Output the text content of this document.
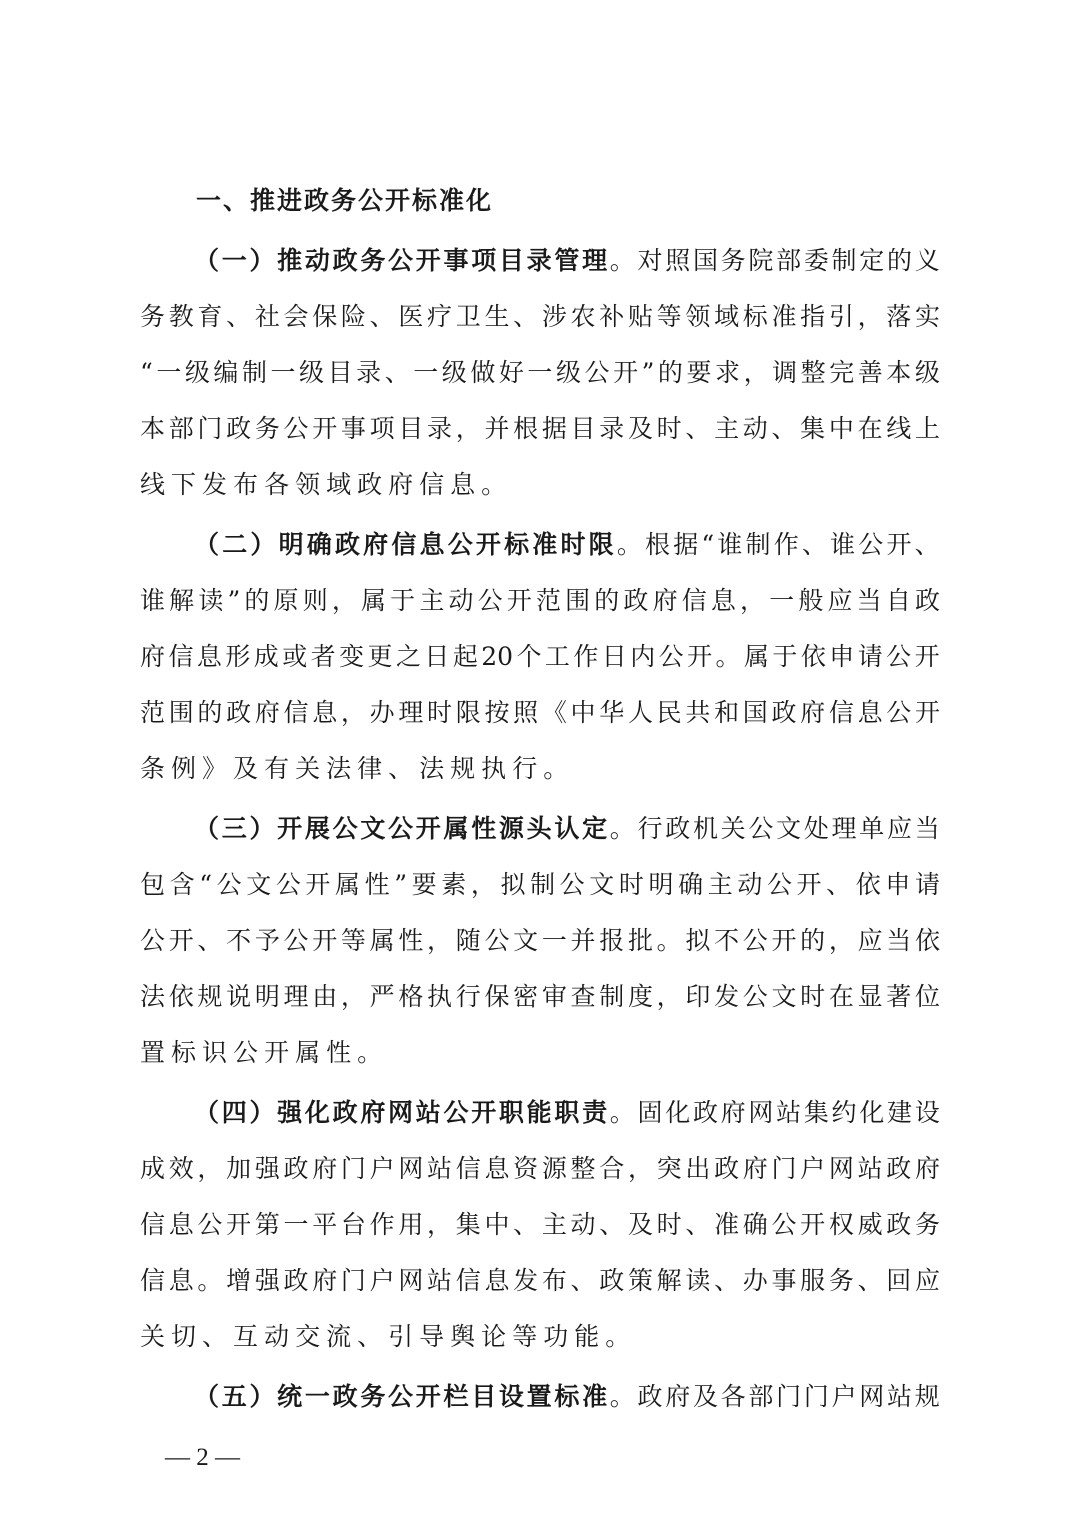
一、推进政务公开标准化
（ 一 ） 推 动 政 务 公 开 事 项 目 录 管 理 。 对 照 国 务 院 部 委 制 定 的 义
务 教 育 、 社 会 保 险 、 医 疗 卫 生 、 涉 农 补 贴 等 领 域 标 准 指 引 ， 落 实
“ 一 级 编 制 一 级 目 录 、 一 级 做 好 一 级 公 开 ” 的 要 求 ， 调 整 完 善 本 级
本 部 门 政 务 公 开 事 项 目 录 ， 并 根 据 目 录 及 时 、 主 动 、 集 中 在 线 上
线 下 发 布 各 领 域 政 府 信 息 。
（ 二 ） 明 确 政 府 信 息 公 开 标 准 时 限 。 根 据 “ 谁 制 作 、 谁 公 开 、
谁 解 读 ” 的 原 则 ， 属 于 主 动 公 开 范 围 的 政 府 信 息 ， 一 般 应 当 自 政
府 信 息 形 成 或 者 变 更 之 日 起 20 个 工 作 日 内 公 开 。 属 于 依 申 请 公 开
范 围 的 政 府 信 息 ， 办 理 时 限 按 照 《 中 华 人 民 共 和 国 政 府 信 息 公 开
条 例 》 及 有 关 法 律 、 法 规 执 行 。
（ 三 ） 开 展 公 文 公 开 属 性 源 头 认 定 。 行 政 机 关 公 文 处 理 单 应 当
包 含 “ 公 文 公 开 属 性 ” 要 素 ， 拟 制 公 文 时 明 确 主 动 公 开 、 依 申 请
公 开 、 不 予 公 开 等 属 性 ， 随 公 文 一 并 报 批 。 拟 不 公 开 的 ， 应 当 依
法 依 规 说 明 理 由 ， 严 格 执 行 保 密 审 查 制 度 ， 印 发 公 文 时 在 显 著 位
置 标 识 公 开 属 性 。
（ 四 ） 强 化 政 府 网 站 公 开 职 能 职 责 。 固 化 政 府 网 站 集 约 化 建 设
成 效 ， 加 强 政 府 门 户 网 站 信 息 资 源 整 合 ， 突 出 政 府 门 户 网 站 政 府
信 息 公 开 第 一 平 台 作 用 ， 集 中 、 主 动 、 及 时 、 准 确 公 开 权 威 政 务
信 息 。 增 强 政 府 门 户 网 站 信 息 发 布 、 政 策 解 读 、 办 事 服 务 、 回 应
关 切 、 互 动 交 流 、 引 导 舆 论 等 功 能 。
（ 五 ） 统 一 政 务 公 开 栏 目 设 置 标 准 。 政 府 及 各 部 门 门 户 网 站 规
— 2 —
